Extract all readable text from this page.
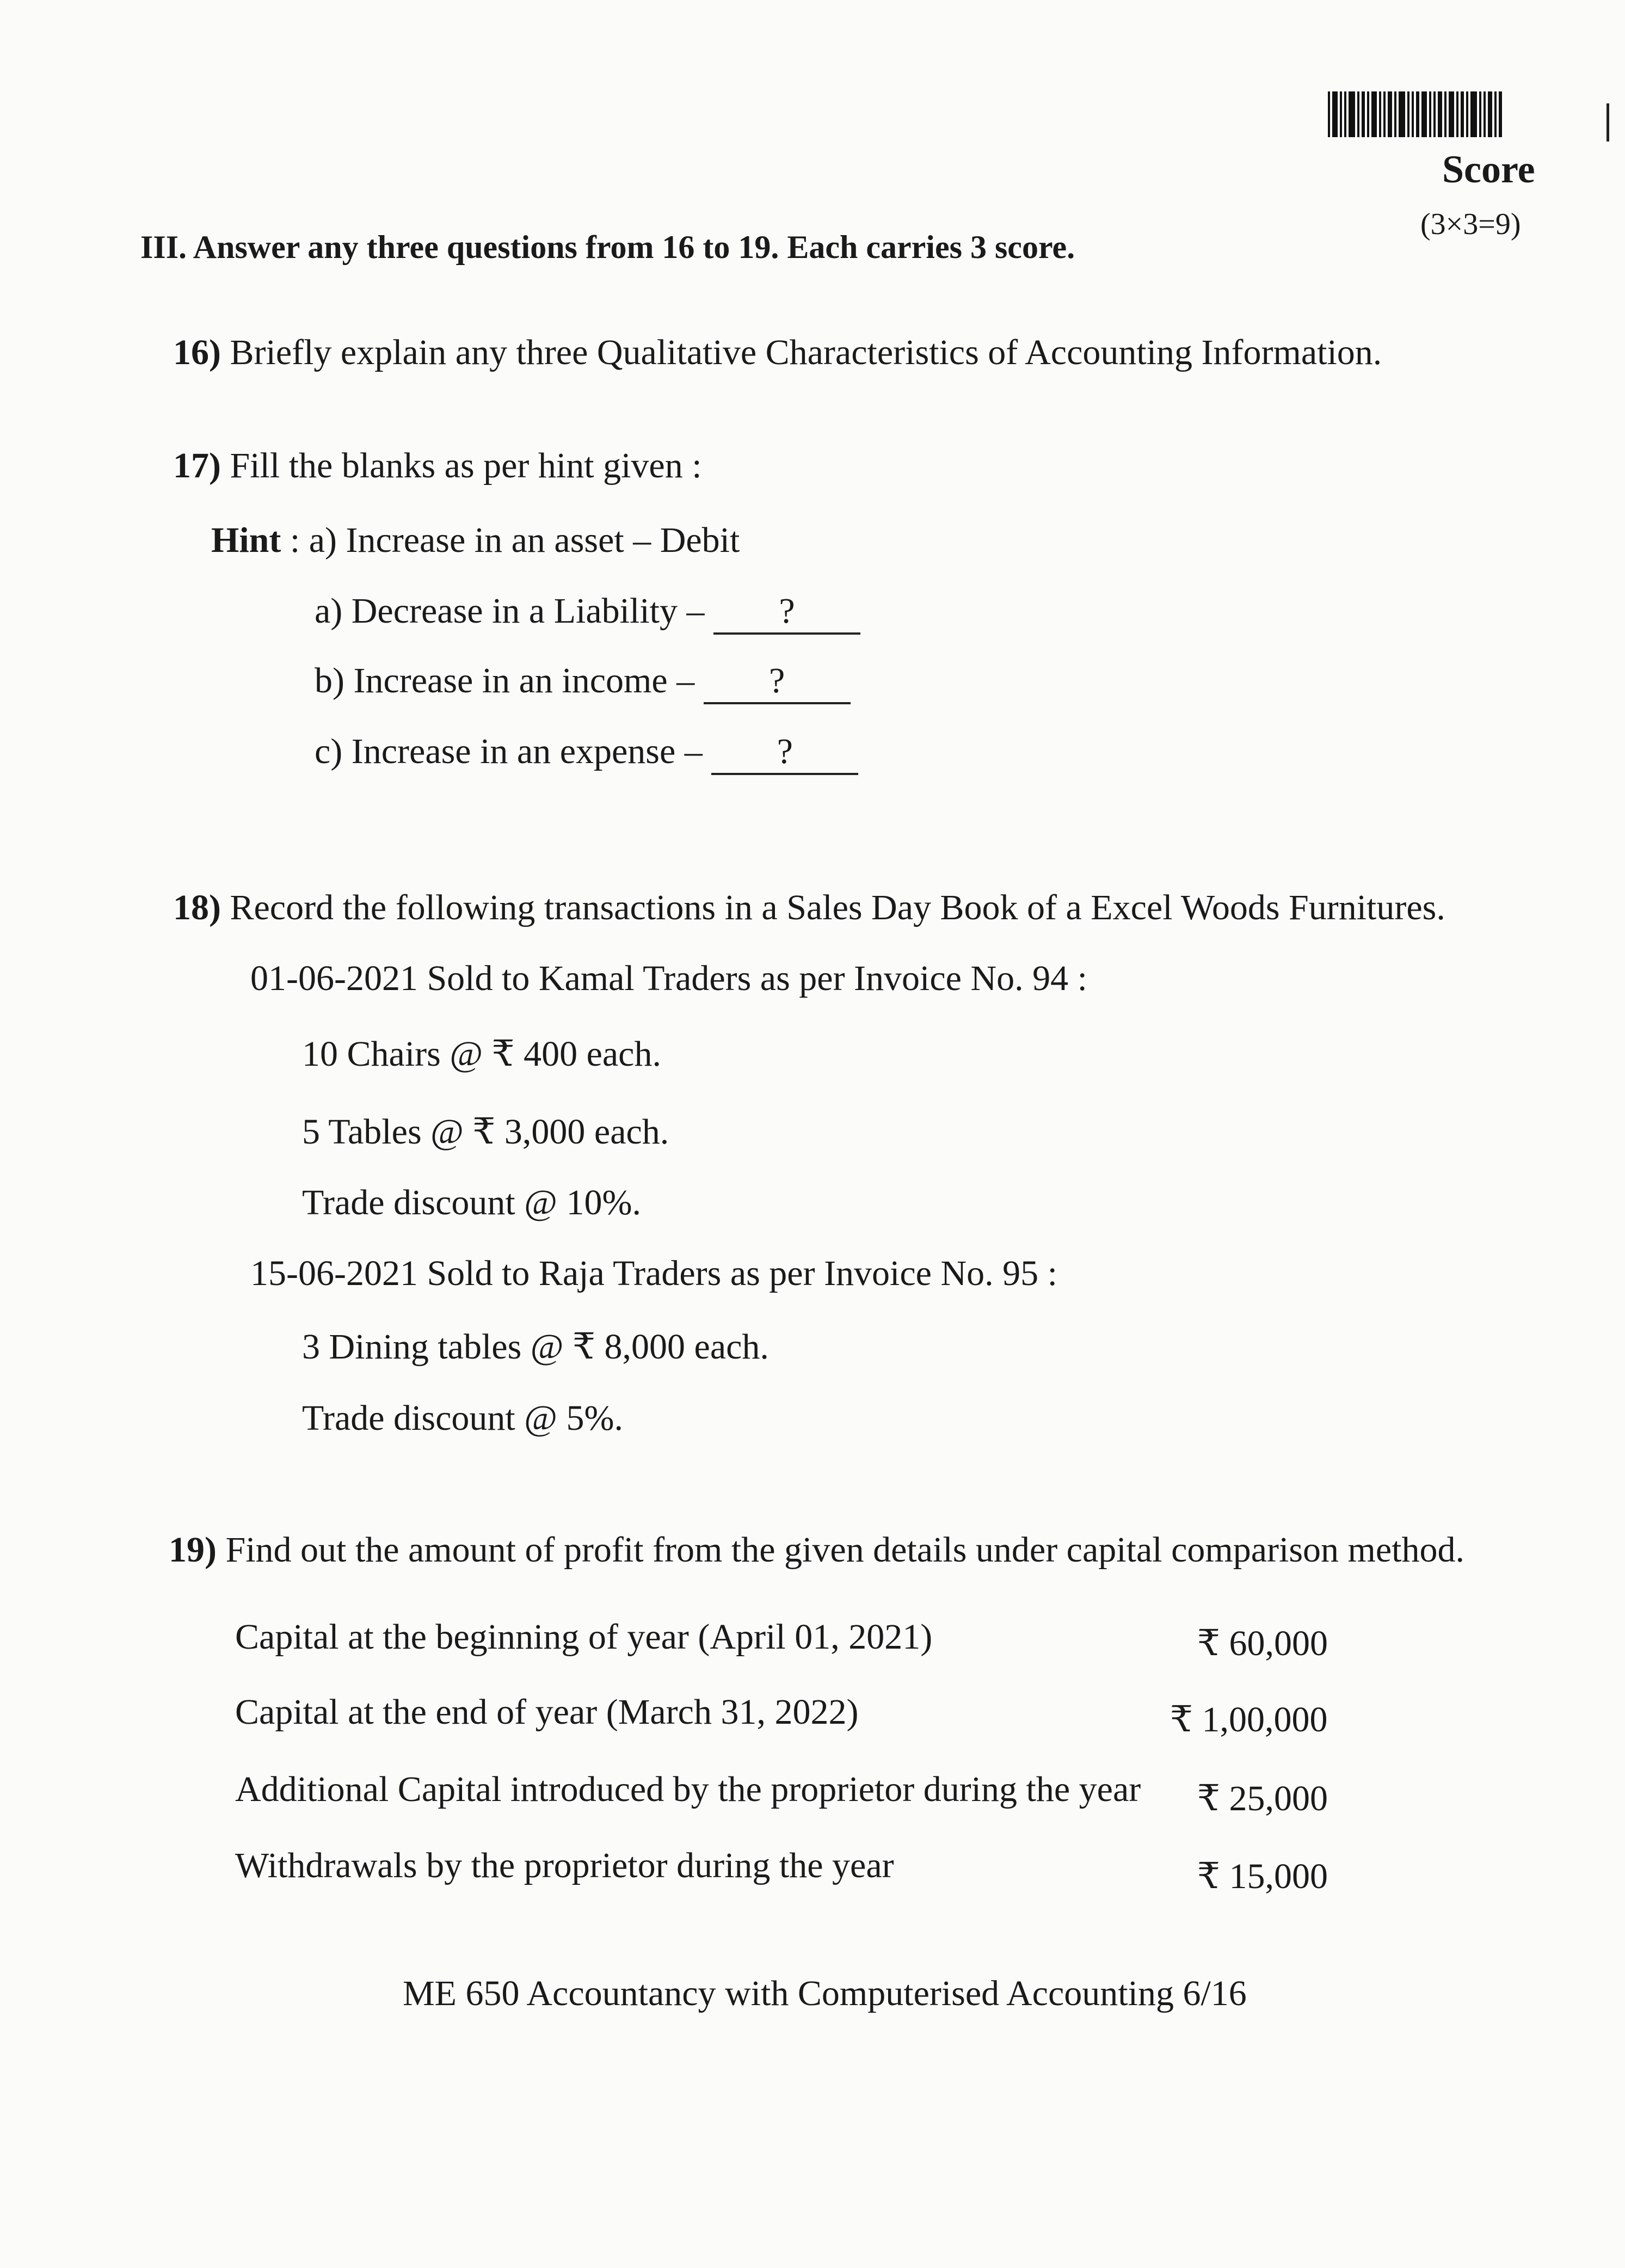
Score
(3×3=9)
III. Answer any three questions from 16 to 19. Each carries 3 score.
16) Briefly explain any three Qualitative Characteristics of Accounting Information.
17) Fill the blanks as per hint given :
Hint : a) Increase in an asset – Debit
a) Decrease in a Liability – ?
b) Increase in an income – ?
c) Increase in an expense – ?
18) Record the following transactions in a Sales Day Book of a Excel Woods Furnitures.
01-06-2021 Sold to Kamal Traders as per Invoice No. 94 :
10 Chairs @ ₹ 400 each.
5 Tables @ ₹ 3,000 each.
Trade discount @ 10%.
15-06-2021 Sold to Raja Traders as per Invoice No. 95 :
3 Dining tables @ ₹ 8,000 each.
Trade discount @ 5%.
19) Find out the amount of profit from the given details under capital comparison method.
Capital at the beginning of year (April 01, 2021)	₹ 60,000
Capital at the end of year (March 31, 2022)	₹ 1,00,000
Additional Capital introduced by the proprietor during the year ₹ 25,000
Withdrawals by the proprietor during the year	₹ 15,000
ME 650 Accountancy with Computerised Accounting 6/16
